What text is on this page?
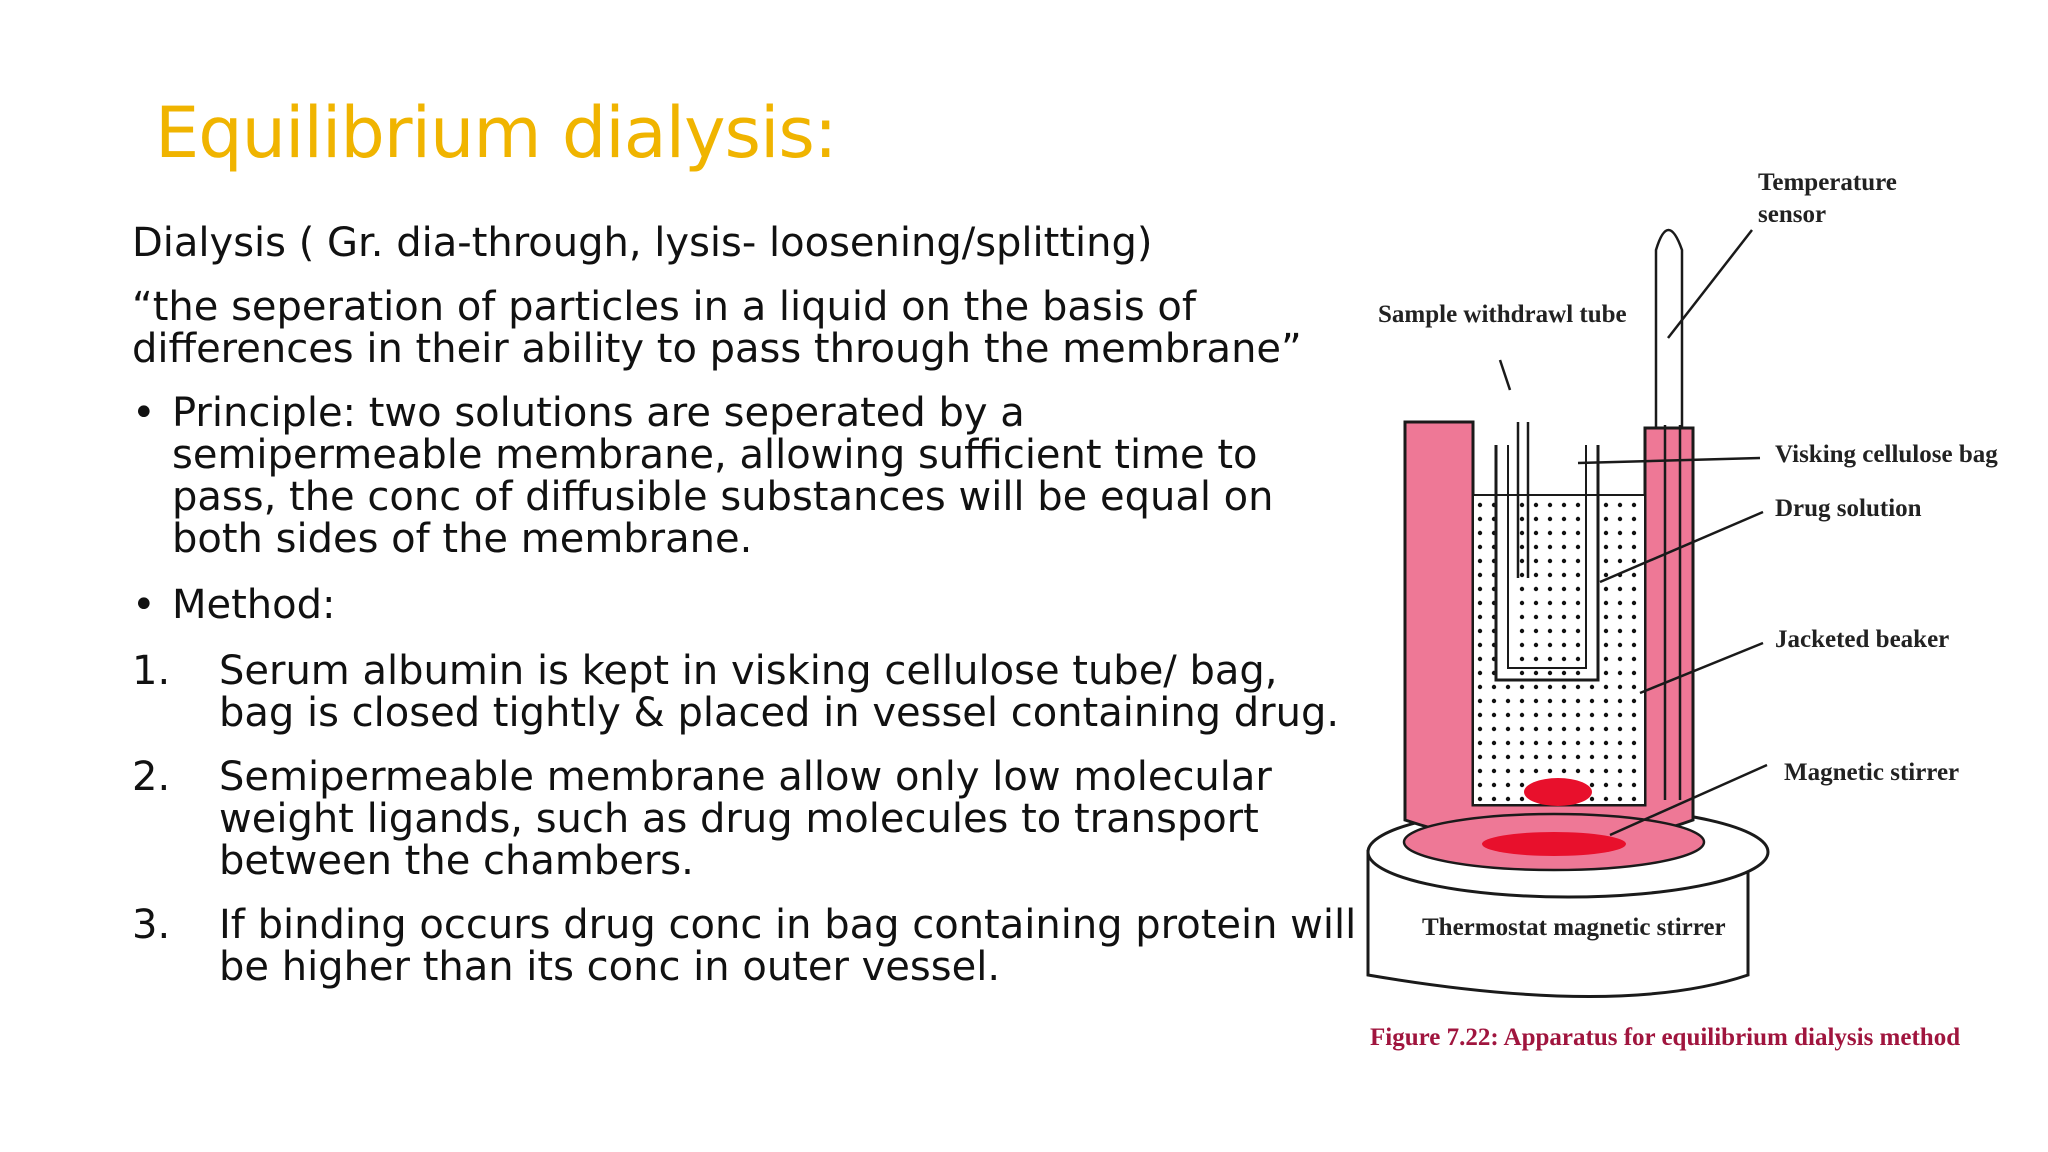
Equilibrium dialysis:

Dialysis ( Gr. dia-through, lysis- loosening/splitting)

“the seperation of particles in a liquid on the basis of
differences in their ability to pass through the membrane”
• Principle: two solutions are seperated by a semipermeable membrane, allowing sufficient time to pass, the conc of diffusible substances will be equal on both sides of the membrane.
• Method:
1.	Serum albumin is kept in visking cellulose tube/ bag, bag is closed tightly & placed in vessel containing drug.
2.	Semipermeable membrane allow only low molecular weight ligands, such as drug molecules to transport between the chambers.
3.	If binding occurs drug conc in bag containing protein will be higher than its conc in outer vessel.
Temperature
sensor
Sample withdrawl tube
Visking cellulose bag
Drug solution
Jacketed beaker
Magnetic stirrer
Thermostat magnetic stirrer
Figure 7.22: Apparatus for equilibrium dialysis method
